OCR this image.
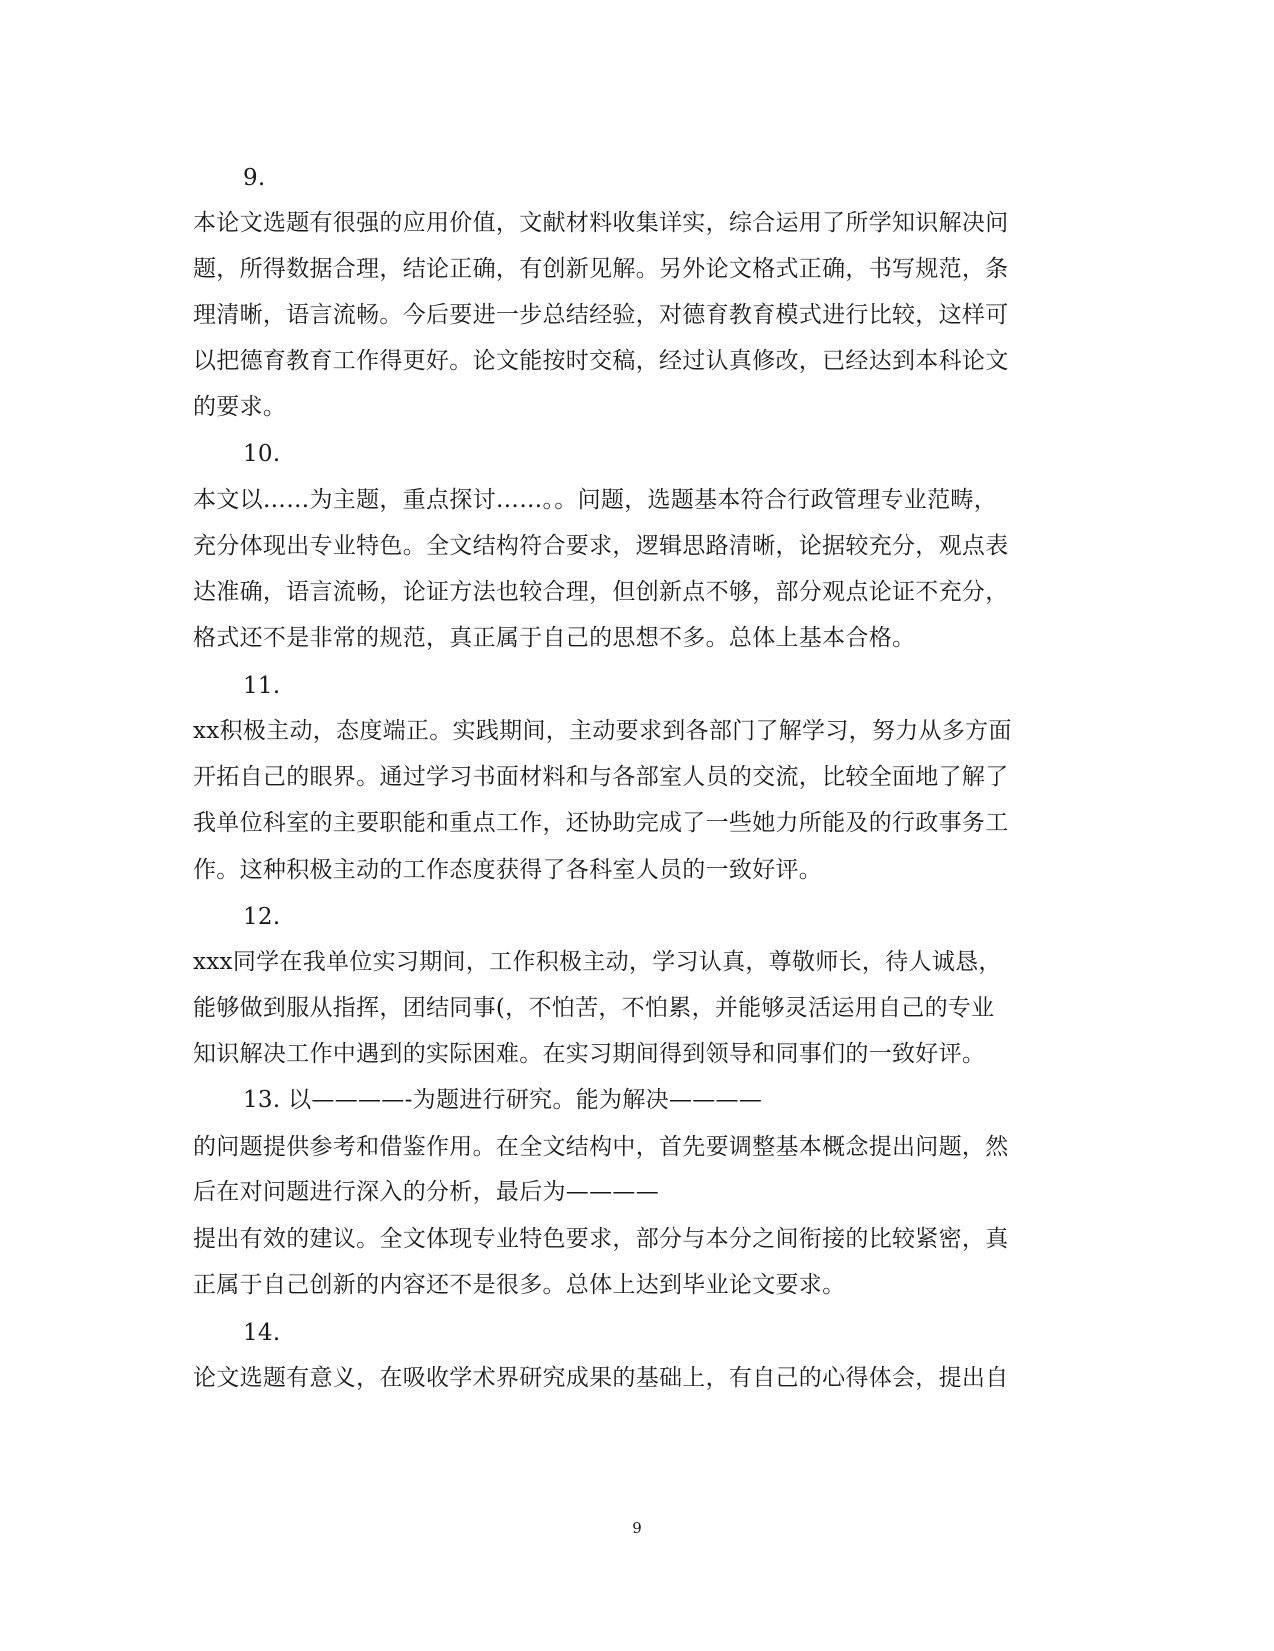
9.
本论文选题有很强的应用价值，文献材料收集详实，综合运用了所学知识解决问
题，所得数据合理，结论正确，有创新见解。另外论文格式正确，书写规范，条
理清晰，语言流畅。今后要进一步总结经验，对德育教育模式进行比较，这样可
以把德育教育工作得更好。论文能按时交稿，经过认真修改，已经达到本科论文
的要求。
10.
本文以……为主题，重点探讨……。。问题，选题基本符合行政管理专业范畴，
充分体现出专业特色。全文结构符合要求，逻辑思路清晰，论据较充分，观点表
达准确，语言流畅，论证方法也较合理，但创新点不够，部分观点论证不充分，
格式还不是非常的规范，真正属于自己的思想不多。总体上基本合格。
11.
xx积极主动，态度端正。实践期间，主动要求到各部门了解学习，努力从多方面
开拓自己的眼界。通过学习书面材料和与各部室人员的交流，比较全面地了解了
我单位科室的主要职能和重点工作，还协助完成了一些她力所能及的行政事务工
作。这种积极主动的工作态度获得了各科室人员的一致好评。
12.
xxx同学在我单位实习期间，工作积极主动，学习认真，尊敬师长，待人诚恳，
能够做到服从指挥，团结同事(，不怕苦，不怕累，并能够灵活运用自己的专业
知识解决工作中遇到的实际困难。在实习期间得到领导和同事们的一致好评。
13. 以————-为题进行研究。能为解决————
的问题提供参考和借鉴作用。在全文结构中，首先要调整基本概念提出问题，然
后在对问题进行深入的分析，最后为————
提出有效的建议。全文体现专业特色要求，部分与本分之间衔接的比较紧密，真
正属于自己创新的内容还不是很多。总体上达到毕业论文要求。
14.
论文选题有意义，在吸收学术界研究成果的基础上，有自己的心得体会，提出自
9
